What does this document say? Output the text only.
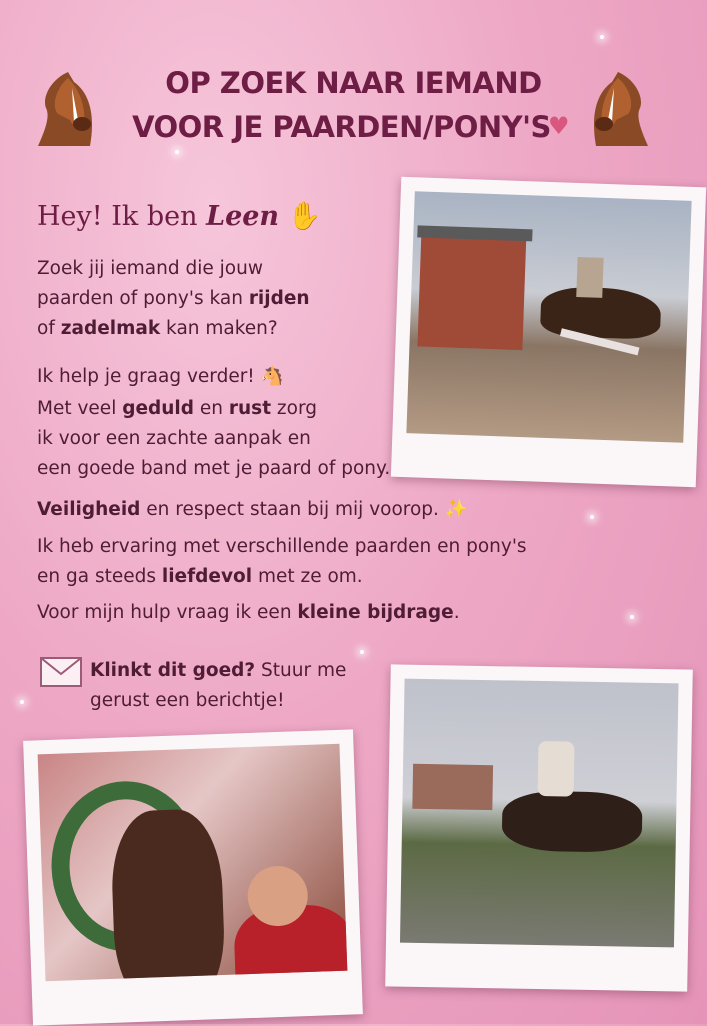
OP ZOEK NAAR IEMAND
VOOR JE PAARDEN/PONY'S
♥
Hey! Ik ben Leen ✋
Zoek jij iemand die jouw
paarden of pony's kan rijden
of zadelmak kan maken?
Ik help je graag verder! 🐴
Met veel geduld en rust zorg
ik voor een zachte aanpak en
een goede band met je paard of pony.
Veiligheid en respect staan bij mij voorop. ✨
Ik heb ervaring met verschillende paarden en pony's
en ga steeds liefdevol met ze om.
Voor mijn hulp vraag ik een kleine bijdrage.
Klinkt dit goed? Stuur me
gerust een berichtje!
